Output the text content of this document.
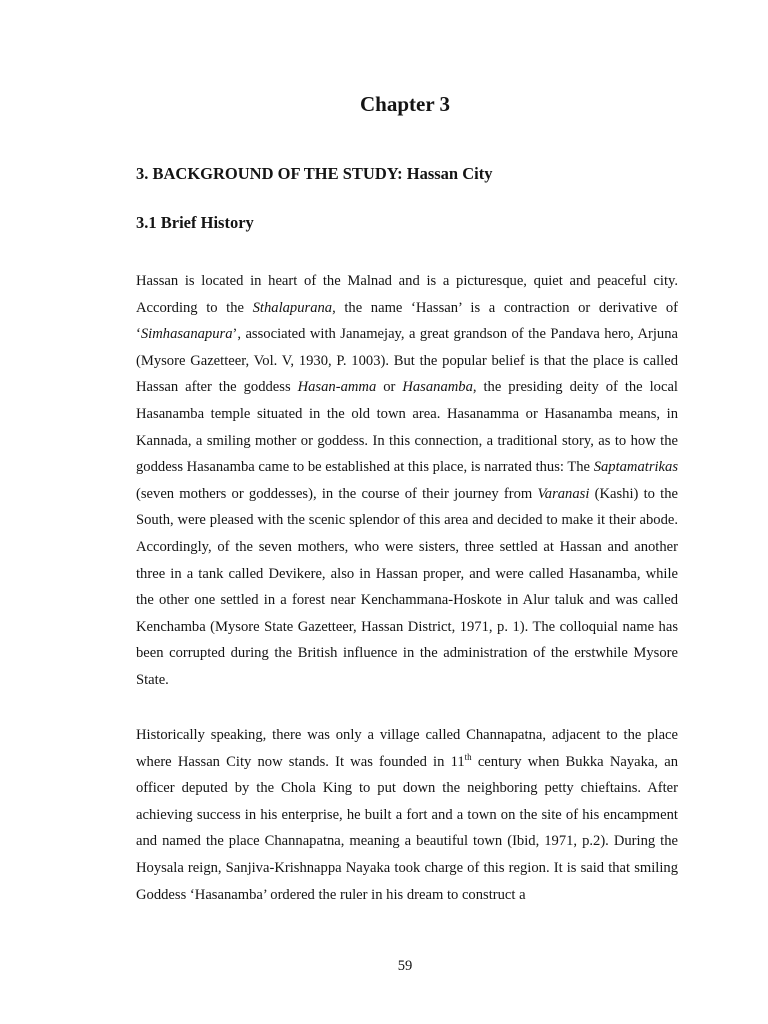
Chapter 3
3. BACKGROUND OF THE STUDY: Hassan City
3.1 Brief History

Hassan is located in heart of the Malnad and is a picturesque, quiet and peaceful city. According to the Sthalapurana, the name ‘Hassan’ is a contraction or derivative of ‘Simhasanapura’, associated with Janamejay, a great grandson of the Pandava hero, Arjuna (Mysore Gazetteer, Vol. V, 1930, P. 1003). But the popular belief is that the place is called Hassan after the goddess Hasan-amma or Hasanamba, the presiding deity of the local Hasanamba temple situated in the old town area. Hasanamma or Hasanamba means, in Kannada, a smiling mother or goddess. In this connection, a traditional story, as to how the goddess Hasanamba came to be established at this place, is narrated thus: The Saptamatrikas (seven mothers or goddesses), in the course of their journey from Varanasi (Kashi) to the South, were pleased with the scenic splendor of this area and decided to make it their abode. Accordingly, of the seven mothers, who were sisters, three settled at Hassan and another three in a tank called Devikere, also in Hassan proper, and were called Hasanamba, while the other one settled in a forest near Kenchammana-Hoskote in Alur taluk and was called Kenchamba (Mysore State Gazetteer, Hassan District, 1971, p. 1). The colloquial name has been corrupted during the British influence in the administration of the erstwhile Mysore State.

Historically speaking, there was only a village called Channapatna, adjacent to the place where Hassan City now stands. It was founded in 11th century when Bukka Nayaka, an officer deputed by the Chola King to put down the neighboring petty chieftains. After achieving success in his enterprise, he built a fort and a town on the site of his encampment and named the place Channapatna, meaning a beautiful town (Ibid, 1971, p.2). During the Hoysala reign, Sanjiva-Krishnappa Nayaka took charge of this region. It is said that smiling Goddess ‘Hasanamba’ ordered the ruler in his dream to construct a

59
